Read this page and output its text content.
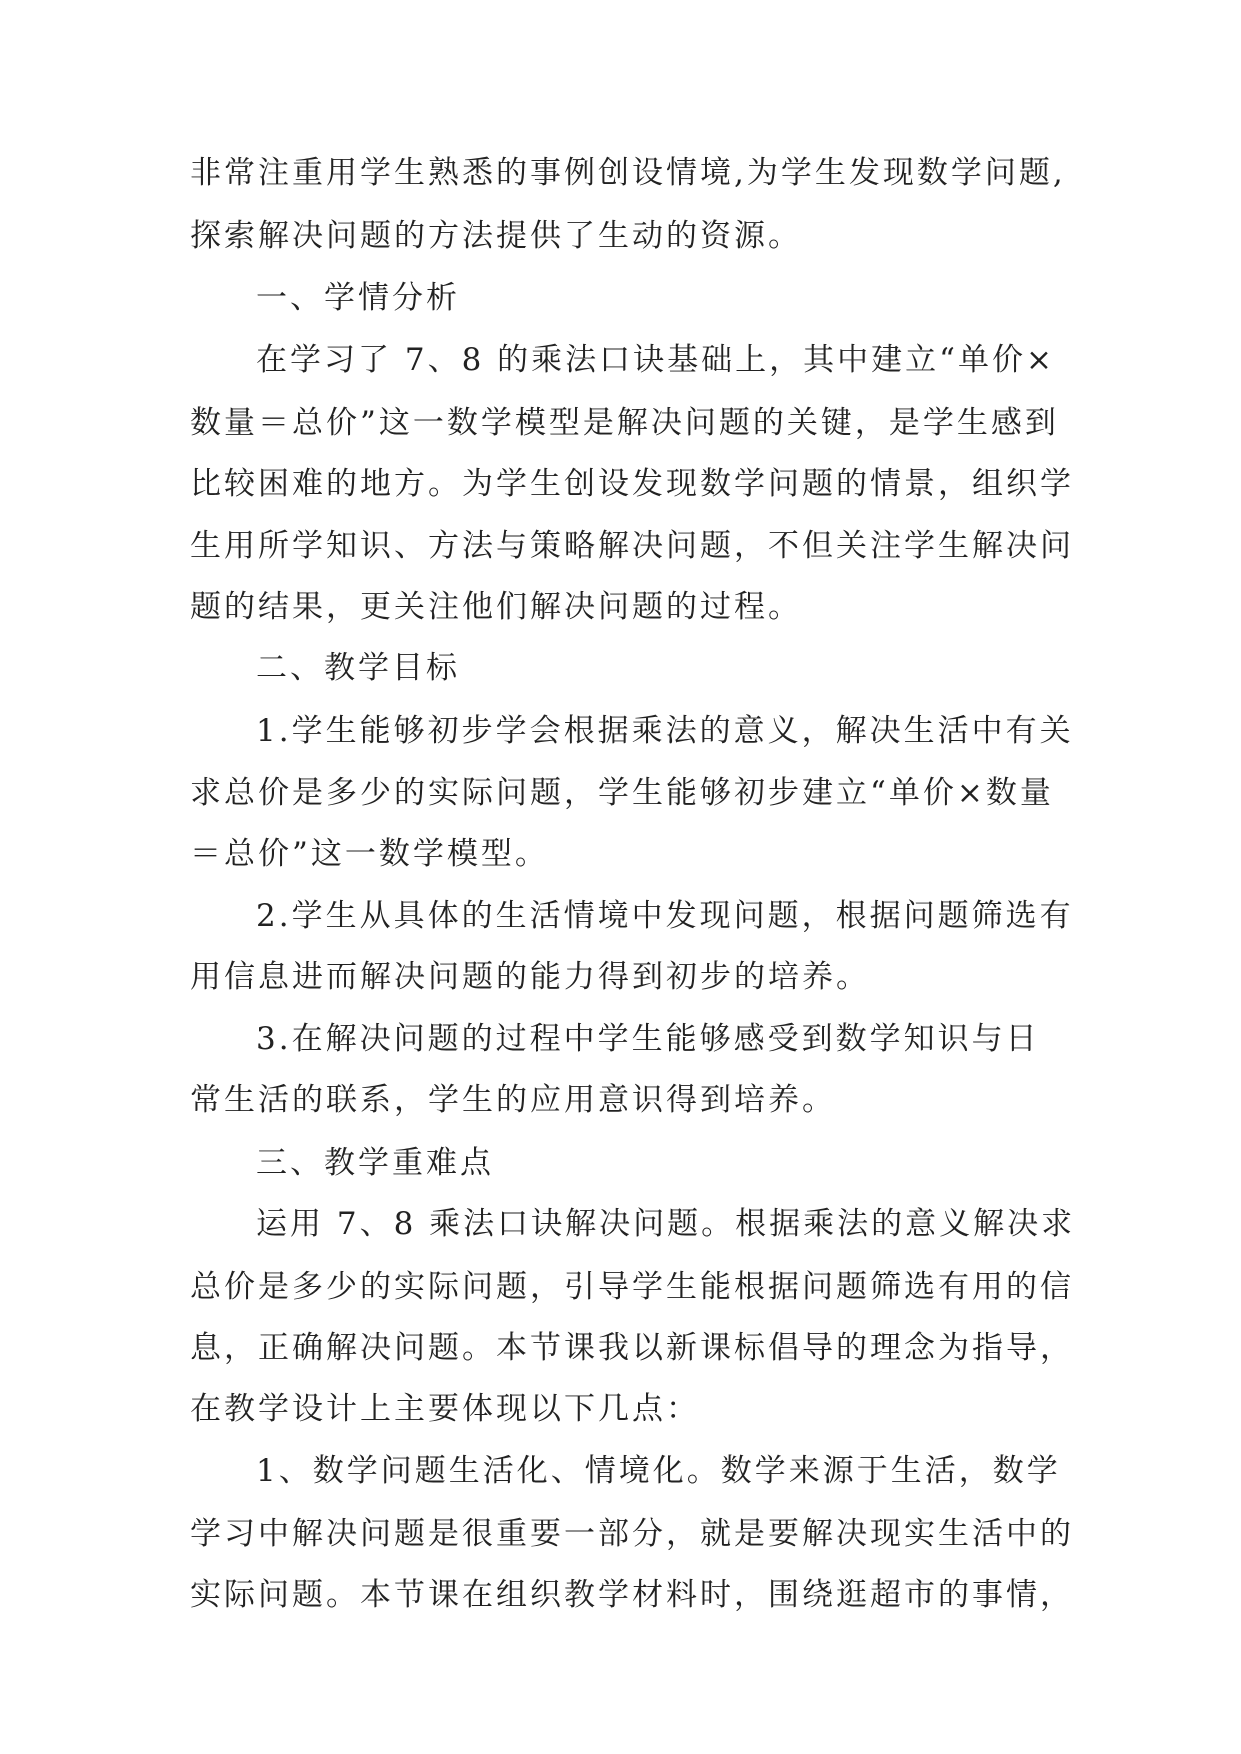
非常注重用学生熟悉的事例创设情境,为学生发现数学问题,
探索解决问题的方法提供了生动的资源。
一、学情分析
在学习了 7、8 的乘法口诀基础上，其中建立“单价×
数量＝总价”这一数学模型是解决问题的关键，是学生感到
比较困难的地方。为学生创设发现数学问题的情景，组织学
生用所学知识、方法与策略解决问题，不但关注学生解决问
题的结果，更关注他们解决问题的过程。
二、教学目标
1.学生能够初步学会根据乘法的意义，解决生活中有关
求总价是多少的实际问题，学生能够初步建立“单价×数量
＝总价”这一数学模型。
2.学生从具体的生活情境中发现问题，根据问题筛选有
用信息进而解决问题的能力得到初步的培养。
3.在解决问题的过程中学生能够感受到数学知识与日
常生活的联系，学生的应用意识得到培养。
三、教学重难点
运用 7、8 乘法口诀解决问题。根据乘法的意义解决求
总价是多少的实际问题，引导学生能根据问题筛选有用的信
息，正确解决问题。本节课我以新课标倡导的理念为指导，
在教学设计上主要体现以下几点：
1、数学问题生活化、情境化。数学来源于生活，数学
学习中解决问题是很重要一部分，就是要解决现实生活中的
实际问题。本节课在组织教学材料时，围绕逛超市的事情，
